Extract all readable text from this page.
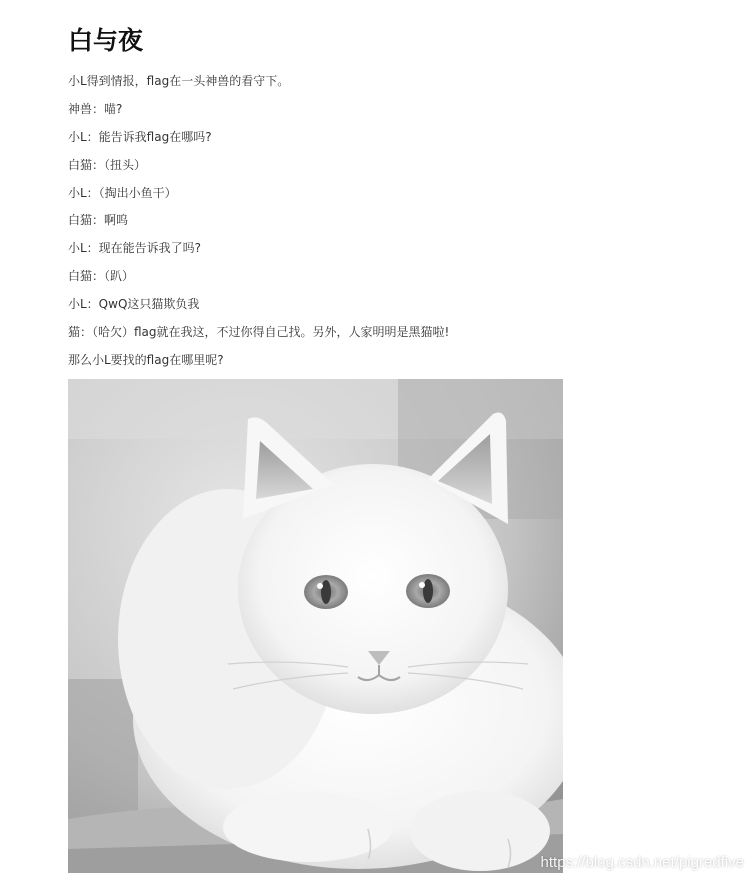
白与夜
小L得到情报，flag在一头神兽的看守下。
神兽：喵?
小L：能告诉我flag在哪吗?
白猫：（扭头）
小L：（掏出小鱼干）
白猫：啊呜
小L：现在能告诉我了吗?
白猫：（趴）
小L：QwQ这只猫欺负我
猫：（哈欠）flag就在我这，不过你得自己找。另外，人家明明是黑猫啦!
那么小L要找的flag在哪里呢?
https://blog.csdn.net/pigredfive
